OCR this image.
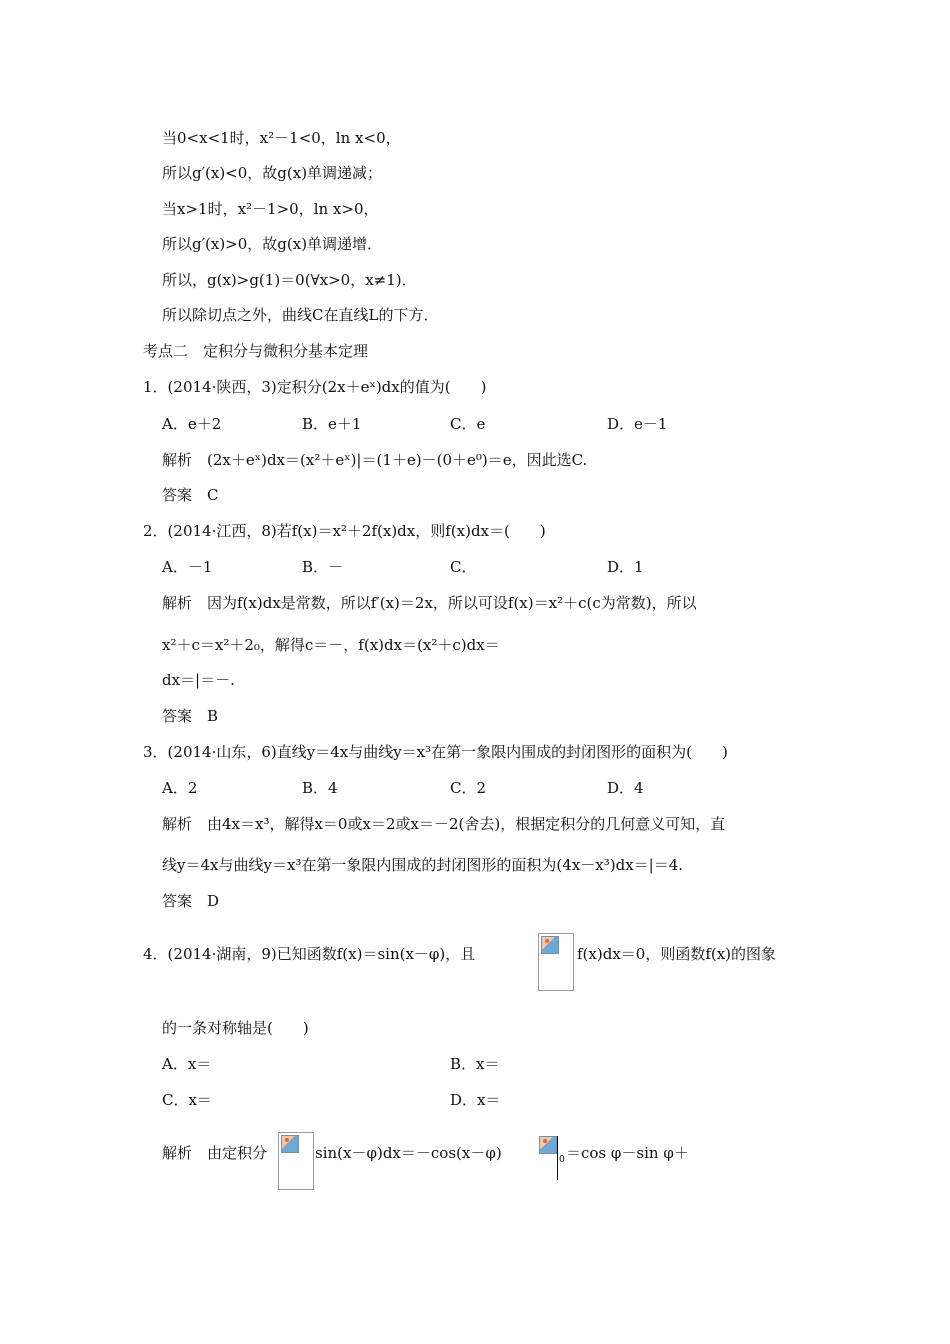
当0<x<1时，x²－1<0，ln x<0，
所以g′(x)<0，故g(x)单调递减；
当x>1时，x²－1>0，ln x>0，
所以g′(x)>0，故g(x)单调递增．
所以，g(x)>g(1)＝0(∀x>0，x≠1)．
所以除切点之外，曲线C在直线L的下方．
考点二　定积分与微积分基本定理
1．(2014·陕西，3)定积分(2x＋eˣ)dx的值为(　　)
A．e＋2	B．e＋1	C．e	D．e－1
解析　(2x＋eˣ)dx＝(x²＋eˣ)|＝(1＋e)－(0＋e⁰)＝e，因此选C.
答案　C
2．(2014·江西，8)若f(x)＝x²＋2f(x)dx，则f(x)dx＝(　　)
A．－1	B．－	C．	D．1
解析　因为f(x)dx是常数，所以f′(x)＝2x，所以可设f(x)＝x²＋c(c为常数)，所以
x²＋c＝x²＋2₀，解得c＝－，f(x)dx＝(x²＋c)dx＝
dx＝|＝－.
答案　B
3．(2014·山东，6)直线y＝4x与曲线y＝x³在第一象限内围成的封闭图形的面积为(　　)
A．2	B．4	C．2	D．4
解析　由4x＝x³，解得x＝0或x＝2或x＝－2(舍去)，根据定积分的几何意义可知，直
线y＝4x与曲线y＝x³在第一象限内围成的封闭图形的面积为(4x－x³)dx＝|＝4.
答案　D
4．(2014·湖南，9)已知函数f(x)＝sin(x－φ)，且	f(x)dx＝0，则函数f(x)的图象
的一条对称轴是(　　)
A．x＝	B．x＝
C．x＝	D．x＝
解析　由定积分	sin(x－φ)dx＝－cos(x－φ)	0 ＝cos φ－sin φ＋
